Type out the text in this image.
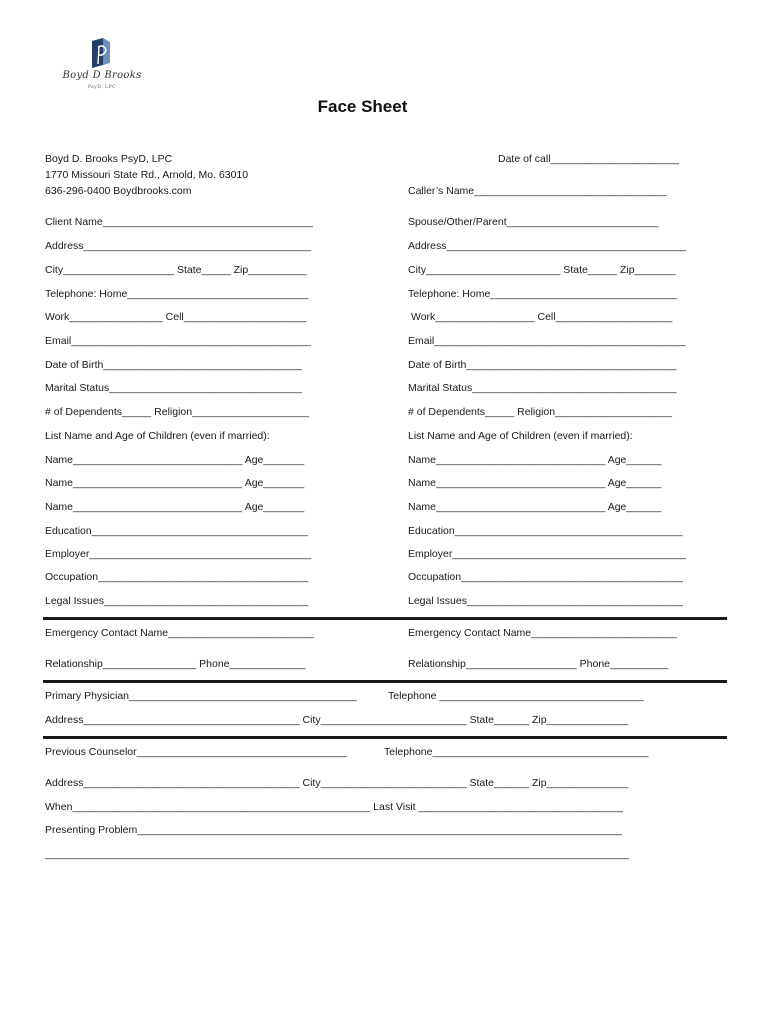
Boyd D Brooks
PsyD, LPC
Face Sheet
Boyd D. Brooks PsyD, LPC
1770 Missouri State Rd., Arnold, Mo. 63010
636-296-0400 Boydbrooks.com
Date of call______________________
Caller’s Name_________________________________
Client Name____________________________________
Address_______________________________________
City___________________ State_____ Zip__________
Telephone: Home_______________________________
Work________________ Cell_____________________
Email_________________________________________
Date of Birth__________________________________
Marital Status_________________________________
# of Dependents_____ Religion____________________
List Name and Age of Children (even if married):
Name_____________________________ Age_______
Name_____________________________ Age_______
Name_____________________________ Age_______
Education_____________________________________
Employer______________________________________
Occupation____________________________________
Legal Issues___________________________________
Spouse/Other/Parent__________________________
Address_________________________________________
City_______________________ State_____ Zip_______
Telephone: Home________________________________
Work_________________ Cell____________________
Email___________________________________________
Date of Birth____________________________________
Marital Status___________________________________
# of Dependents_____ Religion____________________
List Name and Age of Children (even if married):
Name_____________________________ Age______
Name_____________________________ Age______
Name_____________________________ Age______
Education_______________________________________
Employer________________________________________
Occupation______________________________________
Legal Issues_____________________________________
Emergency Contact Name_________________________	Emergency Contact Name_________________________
Relationship________________ Phone_____________	Relationship___________________ Phone__________
Primary Physician_______________________________________	Telephone ___________________________________
Address_____________________________________ City_________________________ State______ Zip______________
Previous Counselor____________________________________	Telephone_____________________________________
Address_____________________________________ City_________________________ State______ Zip______________
When___________________________________________________ Last Visit ___________________________________
Presenting Problem___________________________________________________________________________________
____________________________________________________________________________________________________
